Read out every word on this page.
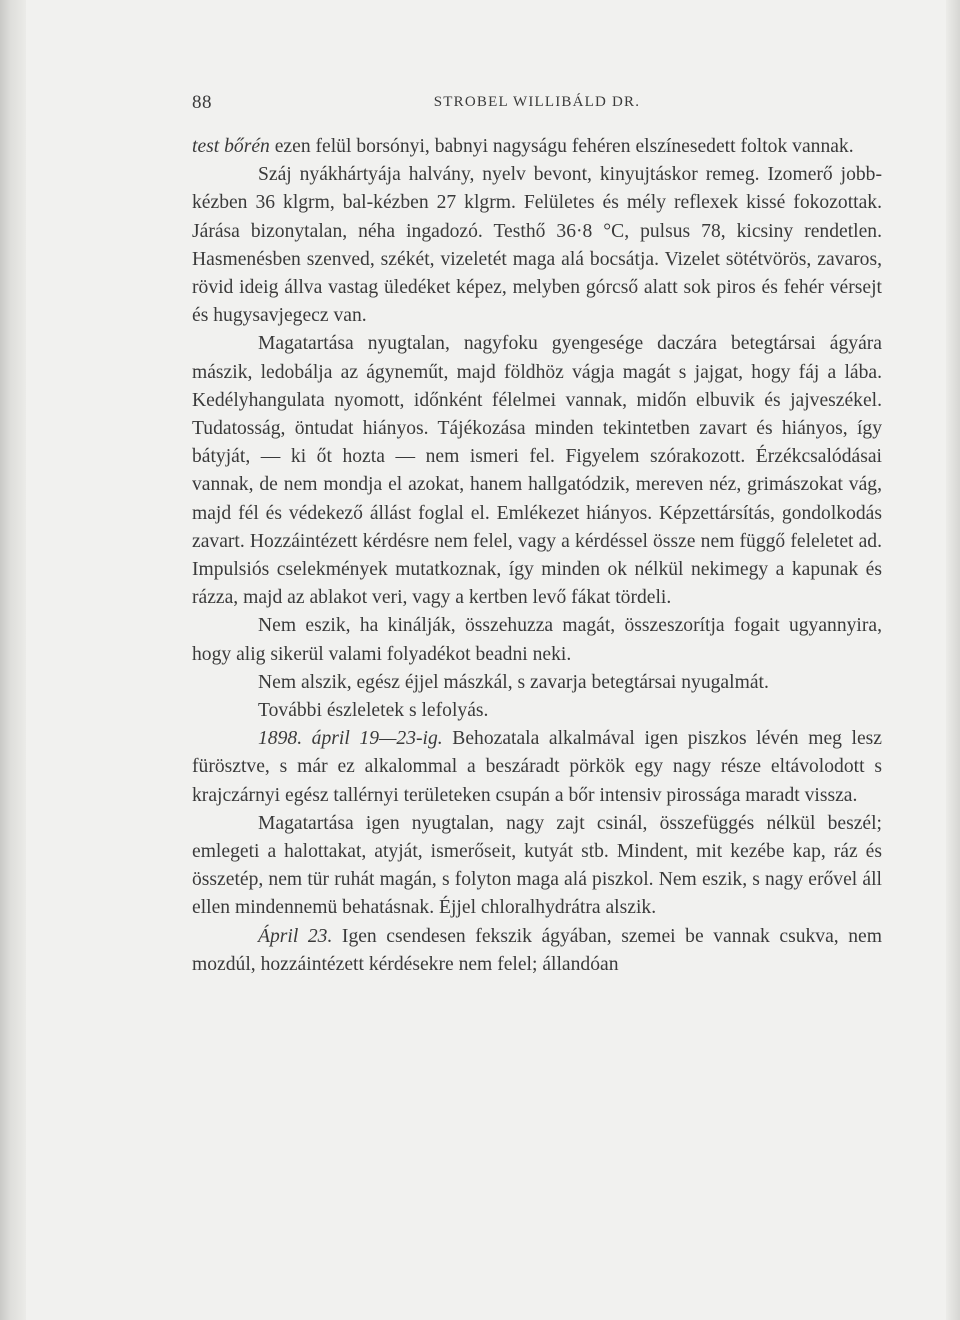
88	STROBEL WILLIBÁLD DR.

test bőrén ezen felül borsónyi, babnyi nagyságu fehéren elszínesedett foltok vannak.

Száj nyákhártyája halvány, nyelv bevont, kinyujtáskor remeg. Izomerő jobb-kézben 36 klgrm, bal-kézben 27 klgrm. Felületes és mély reflexek kissé fokozottak. Járása bizonytalan, néha ingadozó. Testhő 36·8 °C, pulsus 78, kicsiny rendetlen. Hasmenésben szenved, székét, vizeletét maga alá bocsátja. Vizelet sötétvörös, zavaros, rövid ideig állva vastag üledéket képez, melyben górcső alatt sok piros és fehér vérsejt és hugysavjegecz van.

Magatartása nyugtalan, nagyfoku gyengesége daczára betegtársai ágyára mászik, ledobálja az ágyneműt, majd földhöz vágja magát s jajgat, hogy fáj a lába. Kedélyhangulata nyomott, időnként félelmei vannak, midőn elbuvik és jajveszékel. Tudatosság, öntudat hiányos. Tájékozása minden tekintetben zavart és hiányos, így bátyját, — ki őt hozta — nem ismeri fel. Figyelem szórakozott. Érzékcsalódásai vannak, de nem mondja el azokat, hanem hallgatódzik, mereven néz, grimászokat vág, majd fél és védekező állást foglal el. Emlékezet hiányos. Képzettársítás, gondolkodás zavart. Hozzáintézett kérdésre nem felel, vagy a kérdéssel össze nem függő feleletet ad. Impulsiós cselekmények mutatkoznak, így minden ok nélkül nekimegy a kapunak és rázza, majd az ablakot veri, vagy a kertben levő fákat tördeli.

Nem eszik, ha kinálják, összehuzza magát, összeszorítja fogait ugyannyira, hogy alig sikerül valami folyadékot beadni neki.

Nem alszik, egész éjjel mászkál, s zavarja betegtársai nyugalmát.

További észleletek s lefolyás.

1898. ápril 19—23-ig. Behozatala alkalmával igen piszkos lévén meg lesz fürösztve, s már ez alkalommal a beszáradt pörkök egy nagy része eltávolodott s krajczárnyi egész tallérnyi területeken csupán a bőr intensiv pirossága maradt vissza.

Magatartása igen nyugtalan, nagy zajt csinál, összefüggés nélkül beszél; emlegeti a halottakat, atyját, ismerőseit, kutyát stb. Mindent, mit kezébe kap, ráz és összetép, nem tür ruhát magán, s folyton maga alá piszkol. Nem eszik, s nagy erővel áll ellen mindennemü behatásnak. Éjjel chloralhydrátra alszik.

Ápril 23. Igen csendesen fekszik ágyában, szemei be vannak csukva, nem mozdúl, hozzáintézett kérdésekre nem felel; állandóan
